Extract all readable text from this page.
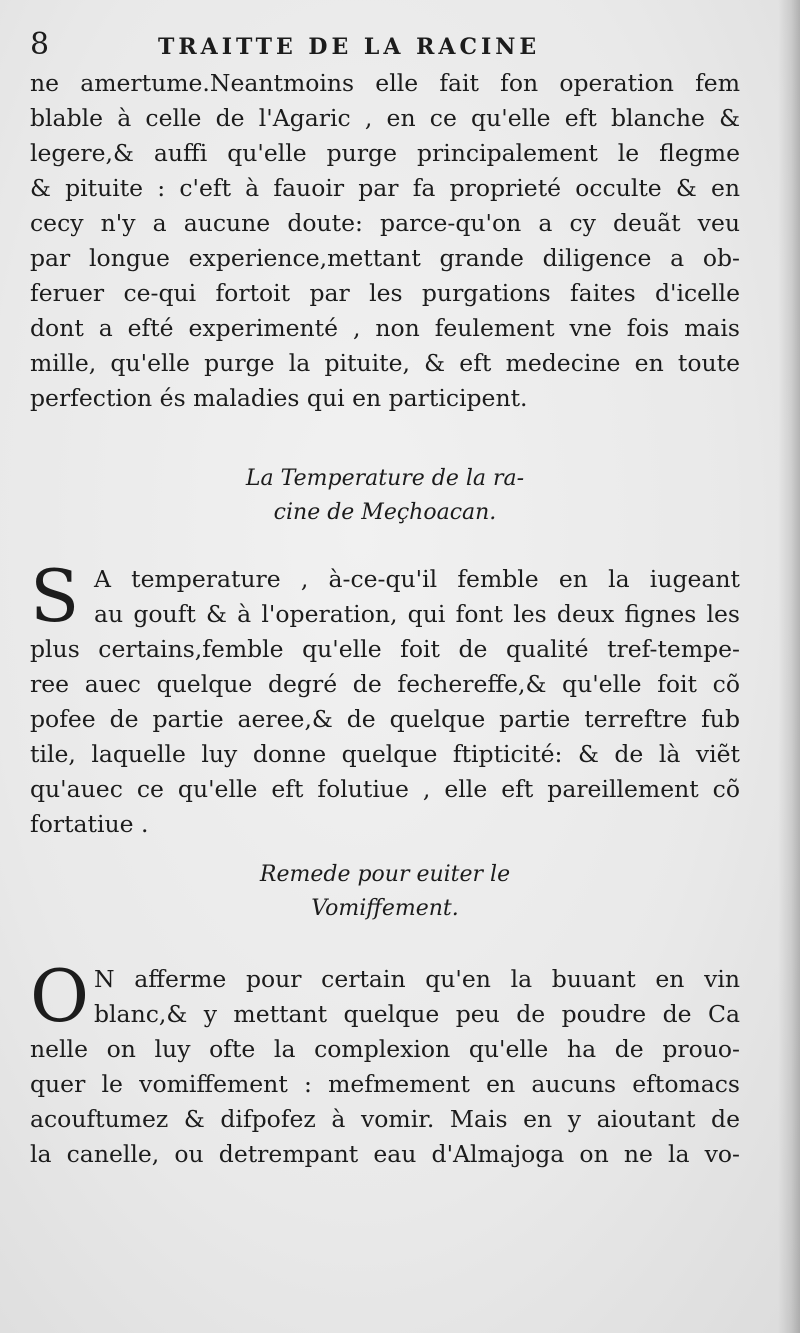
8	TRAITTE DE LA RACINE
ne amertume.Neantmoins elle fait fon operation fem
blable à celle de l'Agaric , en ce qu'elle eft blanche &
legere,& auffi qu'elle purge principalement le flegme
& pituite : c'eft à fauoir par fa proprieté occulte & en
cecy n'y a aucune doute: parce-qu'on a cy deuãt veu
par longue experience,mettant grande diligence a ob-
feruer ce-qui fortoit par les purgations faites d'icelle
dont a efté experimenté , non feulement vne fois mais
mille, qu'elle purge la pituite, & eft medecine en toute
perfection és maladies qui en participent.
La Temperature de la ra-
cine de Meçhoacan.
S A temperature , à-ce-qu'il femble en la iugeant
au gouft & à l'operation, qui font les deux fignes les
plus certains,femble qu'elle foit de qualité tref-tempe-
ree auec quelque degré de fechereffe,& qu'elle foit cõ
pofee de partie aeree,& de quelque partie terreftre fub
tile, laquelle luy donne quelque ftipticité: & de là viẽt
qu'auec ce qu'elle eft folutiue , elle eft pareillement cõ
fortatiue .
Remede pour euiter le
Vomiffement.
O N afferme pour certain qu'en la buuant en vin
blanc,& y mettant quelque peu de poudre de Ca
nelle on luy ofte la complexion qu'elle ha de prouo-
quer le vomiffement : mefmement en aucuns eftomacs
acouftumez & difpofez à vomir. Mais en y aioutant de
la canelle, ou detrempant eau d'Almajoga on ne la vo-
